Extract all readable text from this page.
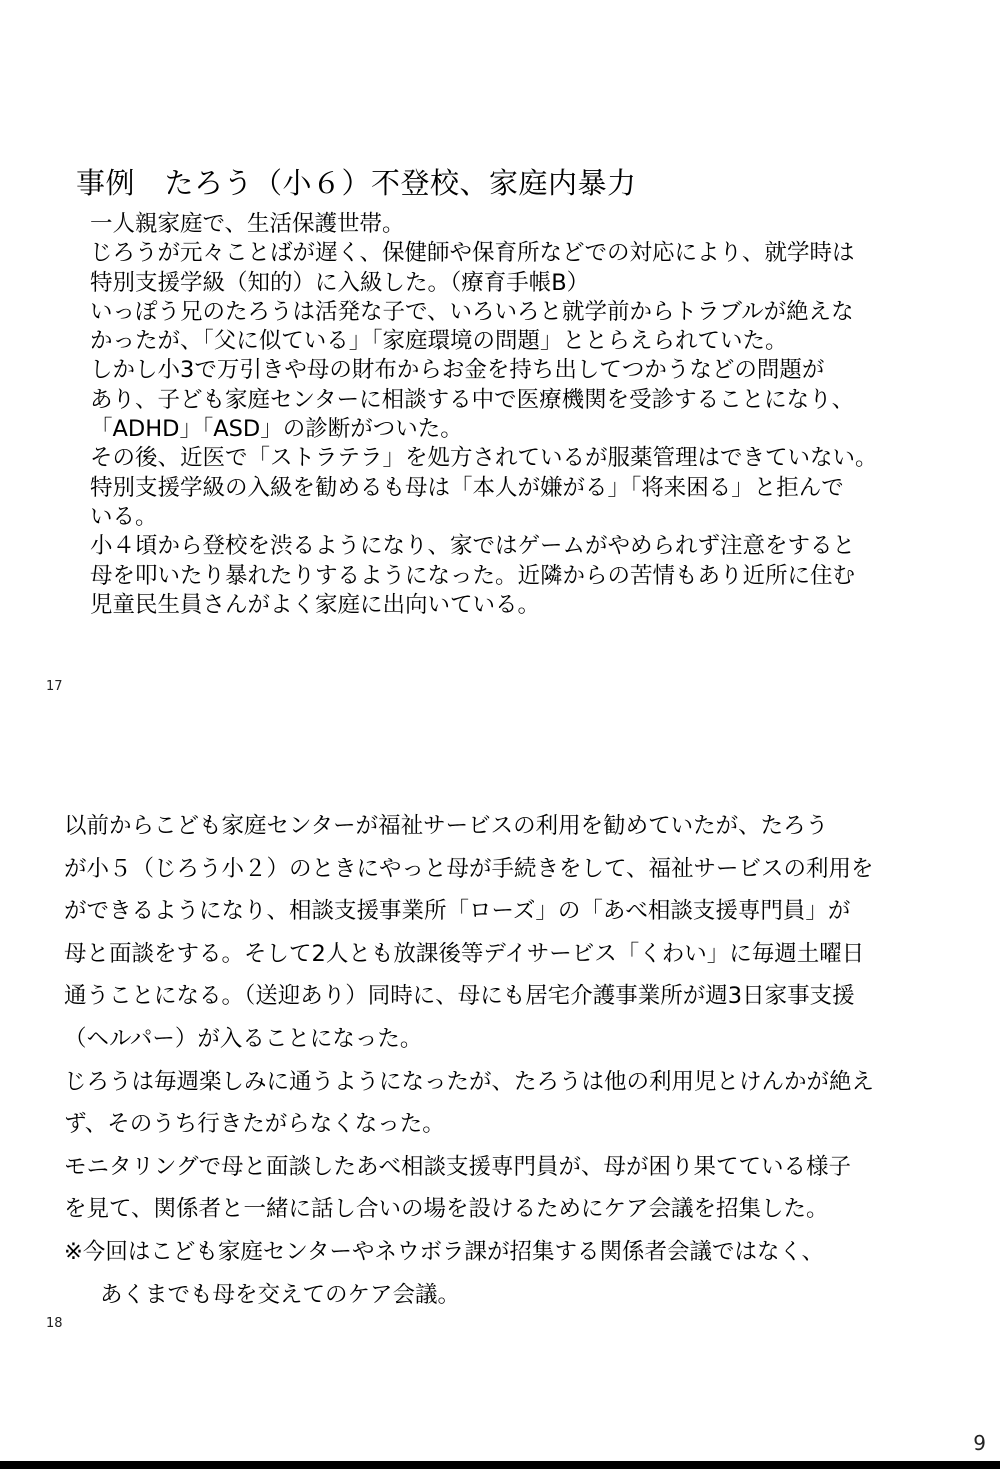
事例　たろう（小６）不登校、家庭内暴力
一人親家庭で、生活保護世帯。
じろうが元々ことばが遅く、保健師や保育所などでの対応により、就学時は
特別支援学級（知的）に入級した。（療育手帳B）
いっぽう兄のたろうは活発な子で、いろいろと就学前からトラブルが絶えな
かったが、「父に似ている」「家庭環境の問題」ととらえられていた。
しかし小3で万引きや母の財布からお金を持ち出してつかうなどの問題が
あり、子ども家庭センターに相談する中で医療機関を受診することになり、
「ADHD」「ASD」の診断がついた。
その後、近医で「ストラテラ」を処方されているが服薬管理はできていない。
特別支援学級の入級を勧めるも母は「本人が嫌がる」「将来困る」と拒んで
いる。
小４頃から登校を渋るようになり、家ではゲームがやめられず注意をすると
母を叩いたり暴れたりするようになった。近隣からの苦情もあり近所に住む
児童民生員さんがよく家庭に出向いている。
17
以前からこども家庭センターが福祉サービスの利用を勧めていたが、たろう
が小５（じろう小２）のときにやっと母が手続きをして、福祉サービスの利用を
ができるようになり、相談支援事業所「ローズ」の「あべ相談支援専門員」が
母と面談をする。そして2人とも放課後等デイサービス「くわい」に毎週土曜日
通うことになる。（送迎あり）同時に、母にも居宅介護事業所が週3日家事支援
（ヘルパー）が入ることになった。
じろうは毎週楽しみに通うようになったが、たろうは他の利用児とけんかが絶え
ず、そのうち行きたがらなくなった。
モニタリングで母と面談したあべ相談支援専門員が、母が困り果てている様子
を見て、関係者と一緒に話し合いの場を設けるためにケア会議を招集した。
※今回はこども家庭センターやネウボラ課が招集する関係者会議ではなく、
あくまでも母を交えてのケア会議。
18
9
